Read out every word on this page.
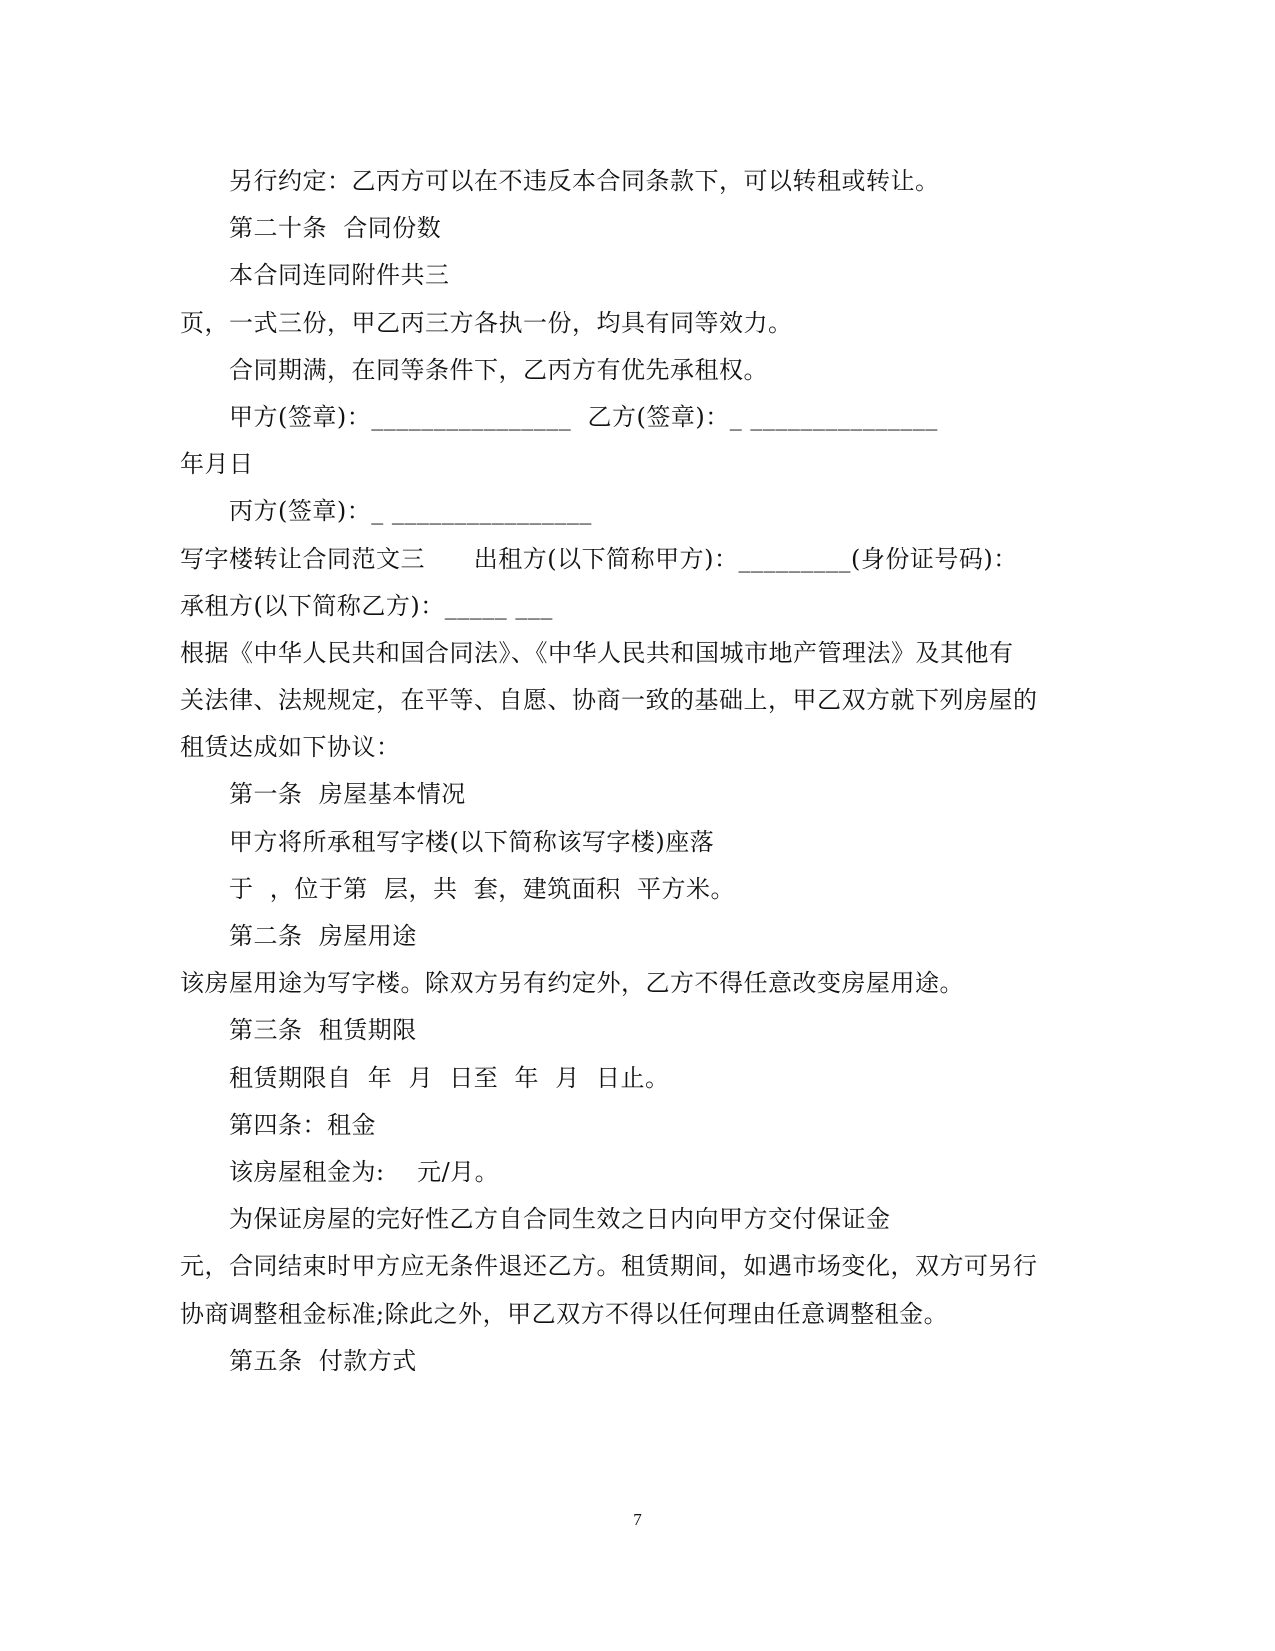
另行约定：乙丙方可以在不违反本合同条款下，可以转租或转让。
第二十条  合同份数
本合同连同附件共三
页，一式三份，甲乙丙三方各执一份，均具有同等效力。
合同期满，在同等条件下，乙丙方有优先承租权。
甲方(签章)：________________  乙方(签章)：_ _______________
年月日
丙方(签章)：_ ________________
写字楼转让合同范文三      出租方(以下简称甲方)：_________(身份证号码)：
承租方(以下简称乙方)：_____ ___
根据《中华人民共和国合同法》、《中华人民共和国城市地产管理法》及其他有
关法律、法规规定，在平等、自愿、协商一致的基础上，甲乙双方就下列房屋的
租赁达成如下协议：
第一条  房屋基本情况
甲方将所承租写字楼(以下简称该写字楼)座落
于  ，位于第  层，共  套，建筑面积  平方米。
第二条  房屋用途
该房屋用途为写字楼。除双方另有约定外，乙方不得任意改变房屋用途。
第三条  租赁期限
租赁期限自  年  月  日至  年  月  日止。
第四条：租金
该房屋租金为:    元/月。
为保证房屋的完好性乙方自合同生效之日内向甲方交付保证金
元，合同结束时甲方应无条件退还乙方。租赁期间，如遇市场变化，双方可另行
协商调整租金标准;除此之外，甲乙双方不得以任何理由任意调整租金。
第五条  付款方式
7
